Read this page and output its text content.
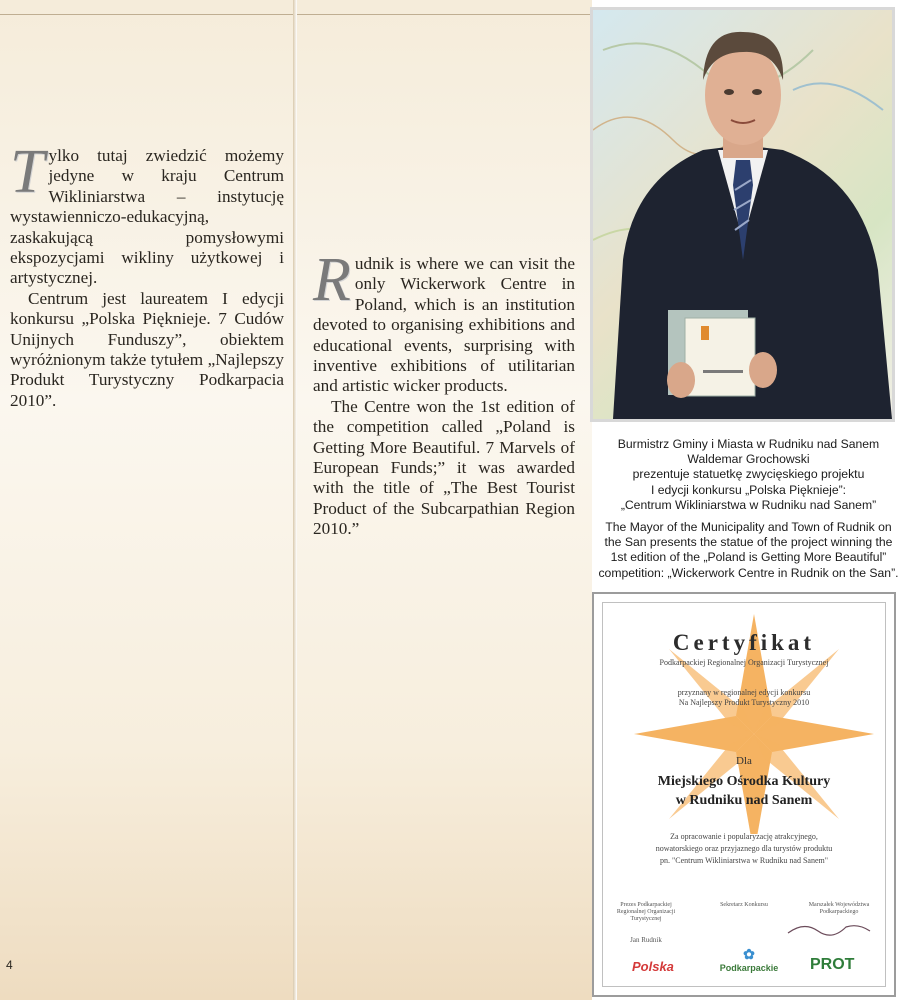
Tylko tutaj zwiedzić możemy jedyne w kraju Centrum Wikliniarstwa – instytucję wystawienniczo-edukacyjną, zaskakującą pomysłowymi ekspozycjami wikliny użytkowej i artystycznej.

Centrum jest laureatem I edycji konkursu „Polska Pięknieje. 7 Cudów Unijnych Funduszy”, obiektem wyróżnionym także tytułem „Najlepszy Produkt Turystyczny Podkarpacia 2010”.

Rudnik is where we can visit the only Wickerwork Centre in Poland, which is an institution devoted to organising exhibitions and educational events, surprising with inventive exhibitions of utilitarian and artistic wicker products.

The Centre won the 1st edition of the competition called „Poland is Getting More Beautiful. 7 Marvels of European Funds;” it was awarded with the title of „The Best Tourist Product of the Subcarpathian Region 2010.”

4
Burmistrz Gminy i Miasta w Rudniku nad Sanem
Waldemar Grochowski
prezentuje statuetkę zwycięskiego projektu
I edycji konkursu „Polska Pięknieje”:
„Centrum Wikliniarstwa w Rudniku nad Sanem”
The Mayor of the Municipality and Town of Rudnik on
the San presents the statue of the project winning the
1st edition of the „Poland is Getting More Beautiful”
competition: „Wickerwork Centre in Rudnik on the San”.
Certyfikat
Podkarpackiej Regionalnej Organizacji Turystycznej
przyznany w regionalnej edycji konkursu
Na Najlepszy Produkt Turystyczny 2010
Dla
Miejskiego Ośrodka Kultury
w Rudniku nad Sanem
Za opracowanie i popularyzację atrakcyjnego,
nowatorskiego oraz przyjaznego dla turystów produktu
pn. "Centrum Wikliniarstwa w Rudniku nad Sanem"
Prezes Podkarpackiej Regionalnej Organizacji Turystycznej
Jan Rudnik
Sekretarz Konkursu	Marszałek Województwa Podkarpackiego
Polska
✿
Podkarpackie PROT
